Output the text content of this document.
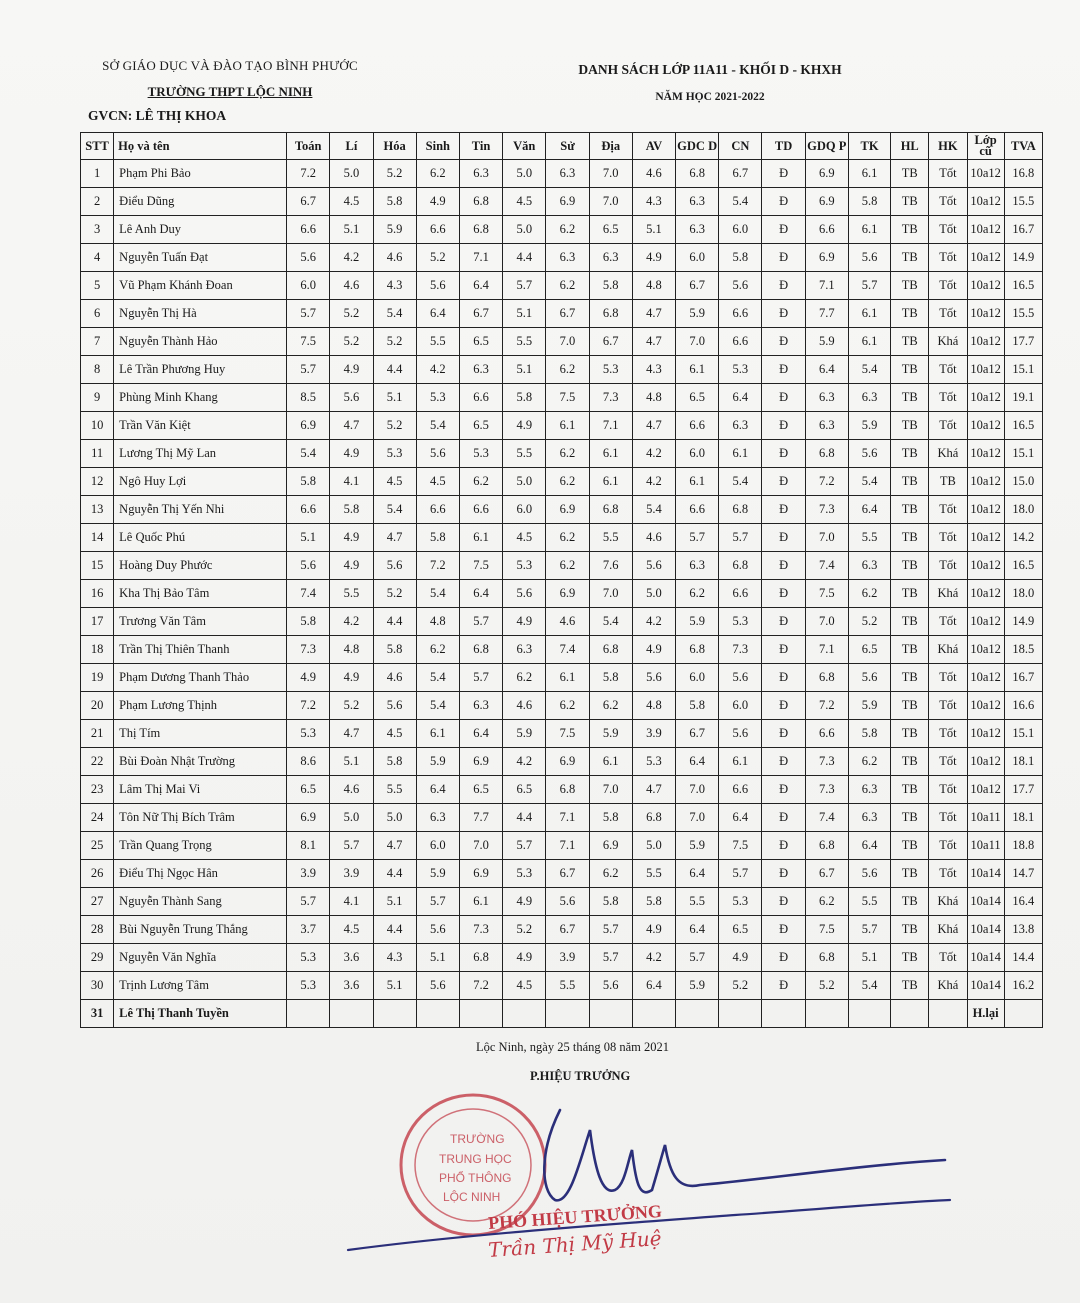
SỞ GIÁO DỤC VÀ ĐÀO TẠO BÌNH PHƯỚC
TRƯỜNG THPT LỘC NINH
DANH SÁCH LỚP 11A11 - KHỐI D - KHXH
NĂM HỌC 2021-2022
GVCN: LÊ THỊ KHOA
STT	Họ và tên	Toán	Lí	Hóa	Sinh	Tin	Văn	Sử	Địa	AV	GDC D	CN	TD	GDQ P	TK	HL	HK	Lớp cũ	TVA
1	Phạm Phi Bảo	7.2	5.0	5.2	6.2	6.3	5.0	6.3	7.0	4.6	6.8	6.7	Đ	6.9	6.1	TB	Tốt	10a12	16.8
2	Điểu Dũng	6.7	4.5	5.8	4.9	6.8	4.5	6.9	7.0	4.3	6.3	5.4	Đ	6.9	5.8	TB	Tốt	10a12	15.5
3	Lê Anh Duy	6.6	5.1	5.9	6.6	6.8	5.0	6.2	6.5	5.1	6.3	6.0	Đ	6.6	6.1	TB	Tốt	10a12	16.7
4	Nguyễn Tuấn Đạt	5.6	4.2	4.6	5.2	7.1	4.4	6.3	6.3	4.9	6.0	5.8	Đ	6.9	5.6	TB	Tốt	10a12	14.9
5	Vũ Phạm Khánh Đoan	6.0	4.6	4.3	5.6	6.4	5.7	6.2	5.8	4.8	6.7	5.6	Đ	7.1	5.7	TB	Tốt	10a12	16.5
6	Nguyễn Thị Hà	5.7	5.2	5.4	6.4	6.7	5.1	6.7	6.8	4.7	5.9	6.6	Đ	7.7	6.1	TB	Tốt	10a12	15.5
7	Nguyễn Thành Hảo	7.5	5.2	5.2	5.5	6.5	5.5	7.0	6.7	4.7	7.0	6.6	Đ	5.9	6.1	TB	Khá	10a12	17.7
8	Lê Trần Phương Huy	5.7	4.9	4.4	4.2	6.3	5.1	6.2	5.3	4.3	6.1	5.3	Đ	6.4	5.4	TB	Tốt	10a12	15.1
9	Phùng Minh Khang	8.5	5.6	5.1	5.3	6.6	5.8	7.5	7.3	4.8	6.5	6.4	Đ	6.3	6.3	TB	Tốt	10a12	19.1
10	Trần Văn Kiệt	6.9	4.7	5.2	5.4	6.5	4.9	6.1	7.1	4.7	6.6	6.3	Đ	6.3	5.9	TB	Tốt	10a12	16.5
11	Lương Thị Mỹ Lan	5.4	4.9	5.3	5.6	5.3	5.5	6.2	6.1	4.2	6.0	6.1	Đ	6.8	5.6	TB	Khá	10a12	15.1
12	Ngô Huy Lợi	5.8	4.1	4.5	4.5	6.2	5.0	6.2	6.1	4.2	6.1	5.4	Đ	7.2	5.4	TB	TB	10a12	15.0
13	Nguyễn Thị Yến Nhi	6.6	5.8	5.4	6.6	6.6	6.0	6.9	6.8	5.4	6.6	6.8	Đ	7.3	6.4	TB	Tốt	10a12	18.0
14	Lê Quốc Phú	5.1	4.9	4.7	5.8	6.1	4.5	6.2	5.5	4.6	5.7	5.7	Đ	7.0	5.5	TB	Tốt	10a12	14.2
15	Hoàng Duy Phước	5.6	4.9	5.6	7.2	7.5	5.3	6.2	7.6	5.6	6.3	6.8	Đ	7.4	6.3	TB	Tốt	10a12	16.5
16	Kha Thị Bảo Tâm	7.4	5.5	5.2	5.4	6.4	5.6	6.9	7.0	5.0	6.2	6.6	Đ	7.5	6.2	TB	Khá	10a12	18.0
17	Trương Văn Tâm	5.8	4.2	4.4	4.8	5.7	4.9	4.6	5.4	4.2	5.9	5.3	Đ	7.0	5.2	TB	Tốt	10a12	14.9
18	Trần Thị Thiên Thanh	7.3	4.8	5.8	6.2	6.8	6.3	7.4	6.8	4.9	6.8	7.3	Đ	7.1	6.5	TB	Khá	10a12	18.5
19	Phạm Dương Thanh Thảo	4.9	4.9	4.6	5.4	5.7	6.2	6.1	5.8	5.6	6.0	5.6	Đ	6.8	5.6	TB	Tốt	10a12	16.7
20	Phạm Lương Thịnh	7.2	5.2	5.6	5.4	6.3	4.6	6.2	6.2	4.8	5.8	6.0	Đ	7.2	5.9	TB	Tốt	10a12	16.6
21	Thị Tím	5.3	4.7	4.5	6.1	6.4	5.9	7.5	5.9	3.9	6.7	5.6	Đ	6.6	5.8	TB	Tốt	10a12	15.1
22	Bùi Đoàn Nhật Trường	8.6	5.1	5.8	5.9	6.9	4.2	6.9	6.1	5.3	6.4	6.1	Đ	7.3	6.2	TB	Tốt	10a12	18.1
23	Lâm Thị Mai Vi	6.5	4.6	5.5	6.4	6.5	6.5	6.8	7.0	4.7	7.0	6.6	Đ	7.3	6.3	TB	Tốt	10a12	17.7
24	Tôn Nữ Thị Bích Trâm	6.9	5.0	5.0	6.3	7.7	4.4	7.1	5.8	6.8	7.0	6.4	Đ	7.4	6.3	TB	Tốt	10a11	18.1
25	Trần Quang Trọng	8.1	5.7	4.7	6.0	7.0	5.7	7.1	6.9	5.0	5.9	7.5	Đ	6.8	6.4	TB	Tốt	10a11	18.8
26	Điểu Thị Ngọc Hân	3.9	3.9	4.4	5.9	6.9	5.3	6.7	6.2	5.5	6.4	5.7	Đ	6.7	5.6	TB	Tốt	10a14	14.7
27	Nguyễn Thành Sang	5.7	4.1	5.1	5.7	6.1	4.9	5.6	5.8	5.8	5.5	5.3	Đ	6.2	5.5	TB	Khá	10a14	16.4
28	Bùi Nguyễn Trung Thắng	3.7	4.5	4.4	5.6	7.3	5.2	6.7	5.7	4.9	6.4	6.5	Đ	7.5	5.7	TB	Khá	10a14	13.8
29	Nguyễn Văn Nghĩa	5.3	3.6	4.3	5.1	6.8	4.9	3.9	5.7	4.2	5.7	4.9	Đ	6.8	5.1	TB	Tốt	10a14	14.4
30	Trịnh Lương Tâm	5.3	3.6	5.1	5.6	7.2	4.5	5.5	5.6	6.4	5.9	5.2	Đ	5.2	5.4	TB	Khá	10a14	16.2
31	Lê Thị Thanh Tuyền																	H.lại	
Lộc Ninh, ngày 25 tháng 08 năm 2021
P.HIỆU TRƯỞNG
TRƯỜNG
TRUNG HỌC
PHỔ THÔNG
LỘC NINH
PHÓ HIỆU TRƯỞNG
Trần Thị Mỹ Huệ
